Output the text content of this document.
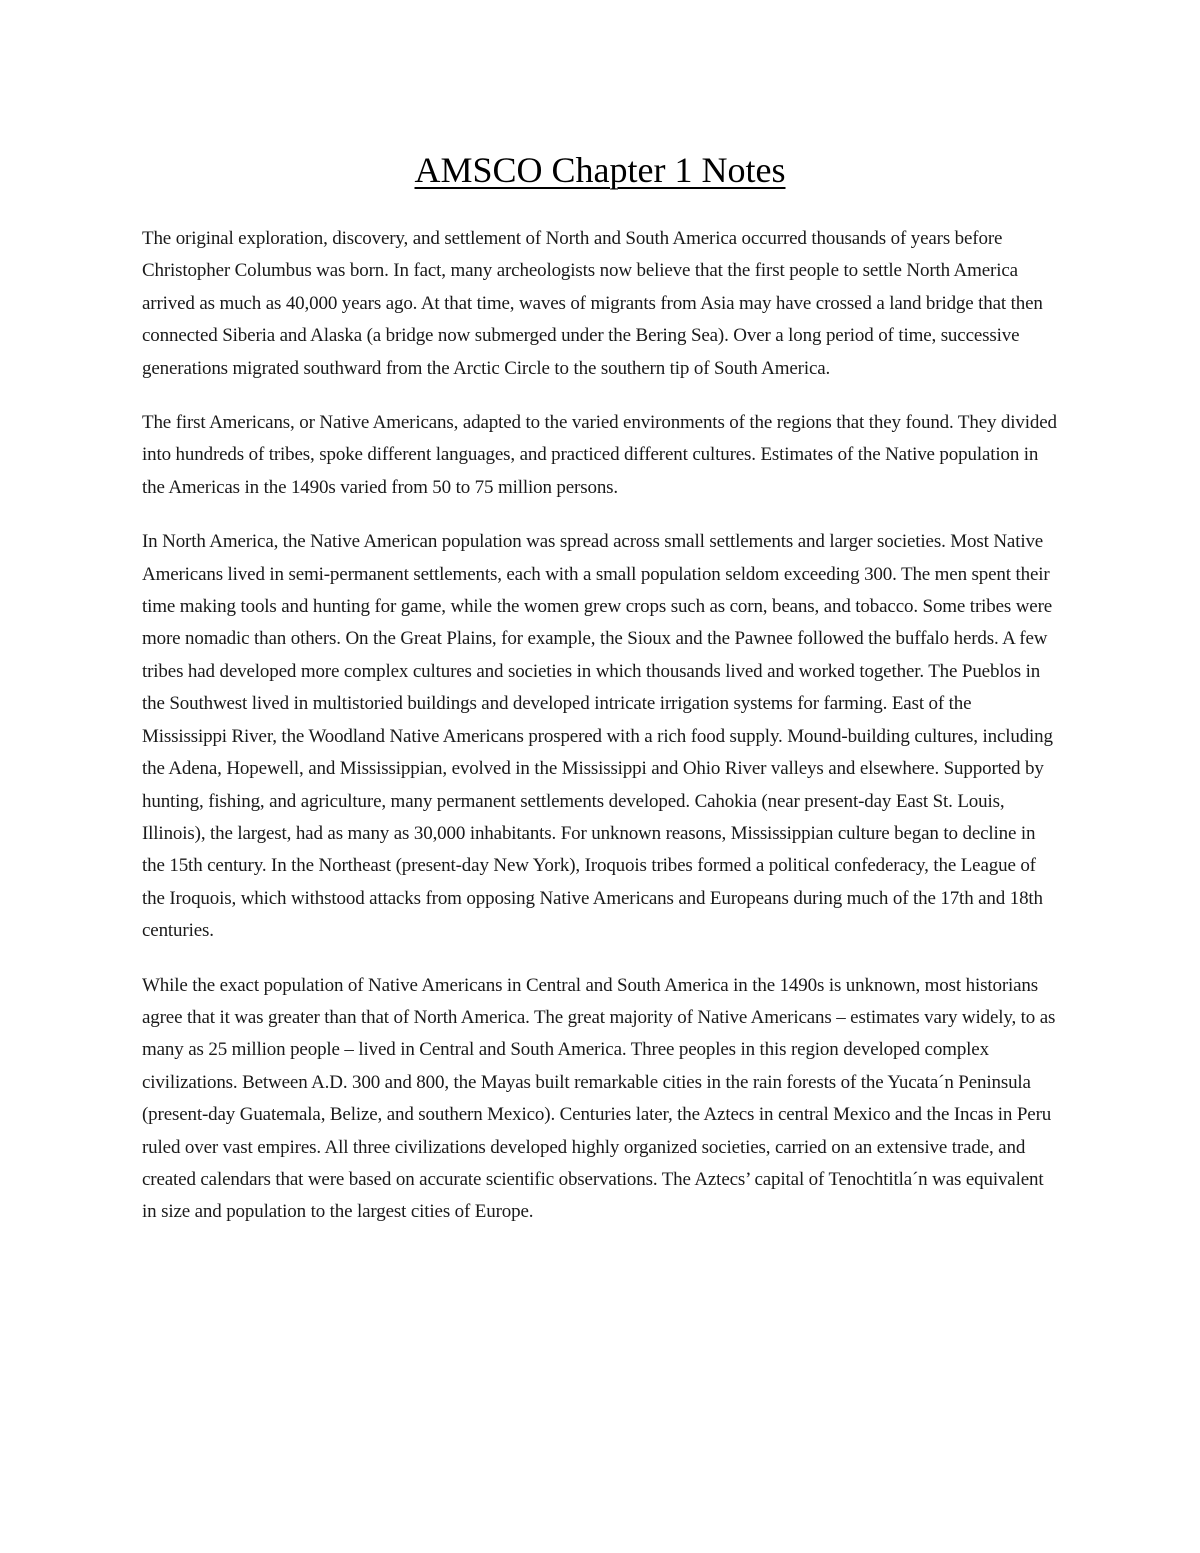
AMSCO Chapter 1 Notes

The original exploration, discovery, and settlement of North and South America occurred thousands of years before Christopher Columbus was born. In fact, many archeologists now believe that the first people to settle North America arrived as much as 40,000 years ago. At that time, waves of migrants from Asia may have crossed a land bridge that then connected Siberia and Alaska (a bridge now submerged under the Bering Sea). Over a long period of time, successive generations migrated southward from the Arctic Circle to the southern tip of South America.

The first Americans, or Native Americans, adapted to the varied environments of the regions that they found. They divided into hundreds of tribes, spoke different languages, and practiced different cultures. Estimates of the Native population in the Americas in the 1490s varied from 50 to 75 million persons.

In North America, the Native American population was spread across small settlements and larger societies. Most Native Americans lived in semi-permanent settlements, each with a small population seldom exceeding 300. The men spent their time making tools and hunting for game, while the women grew crops such as corn, beans, and tobacco. Some tribes were more nomadic than others. On the Great Plains, for example, the Sioux and the Pawnee followed the buffalo herds. A few tribes had developed more complex cultures and societies in which thousands lived and worked together. The Pueblos in the Southwest lived in multistoried buildings and developed intricate irrigation systems for farming. East of the Mississippi River, the Woodland Native Americans prospered with a rich food supply. Mound-building cultures, including the Adena, Hopewell, and Mississippian, evolved in the Mississippi and Ohio River valleys and elsewhere. Supported by hunting, fishing, and agriculture, many permanent settlements developed. Cahokia (near present-day East St. Louis, Illinois), the largest, had as many as 30,000 inhabitants. For unknown reasons, Mississippian culture began to decline in the 15th century. In the Northeast (present-day New York), Iroquois tribes formed a political confederacy, the League of the Iroquois, which withstood attacks from opposing Native Americans and Europeans during much of the 17th and 18th centuries.

While the exact population of Native Americans in Central and South America in the 1490s is unknown, most historians agree that it was greater than that of North America. The great majority of Native Americans – estimates vary widely, to as many as 25 million people – lived in Central and South America. Three peoples in this region developed complex civilizations. Between A.D. 300 and 800, the Mayas built remarkable cities in the rain forests of the Yucata´n Peninsula (present-day Guatemala, Belize, and southern Mexico). Centuries later, the Aztecs in central Mexico and the Incas in Peru ruled over vast empires. All three civilizations developed highly organized societies, carried on an extensive trade, and created calendars that were based on accurate scientific observations. The Aztecs’ capital of Tenochtitla´n was equivalent in size and population to the largest cities of Europe.
